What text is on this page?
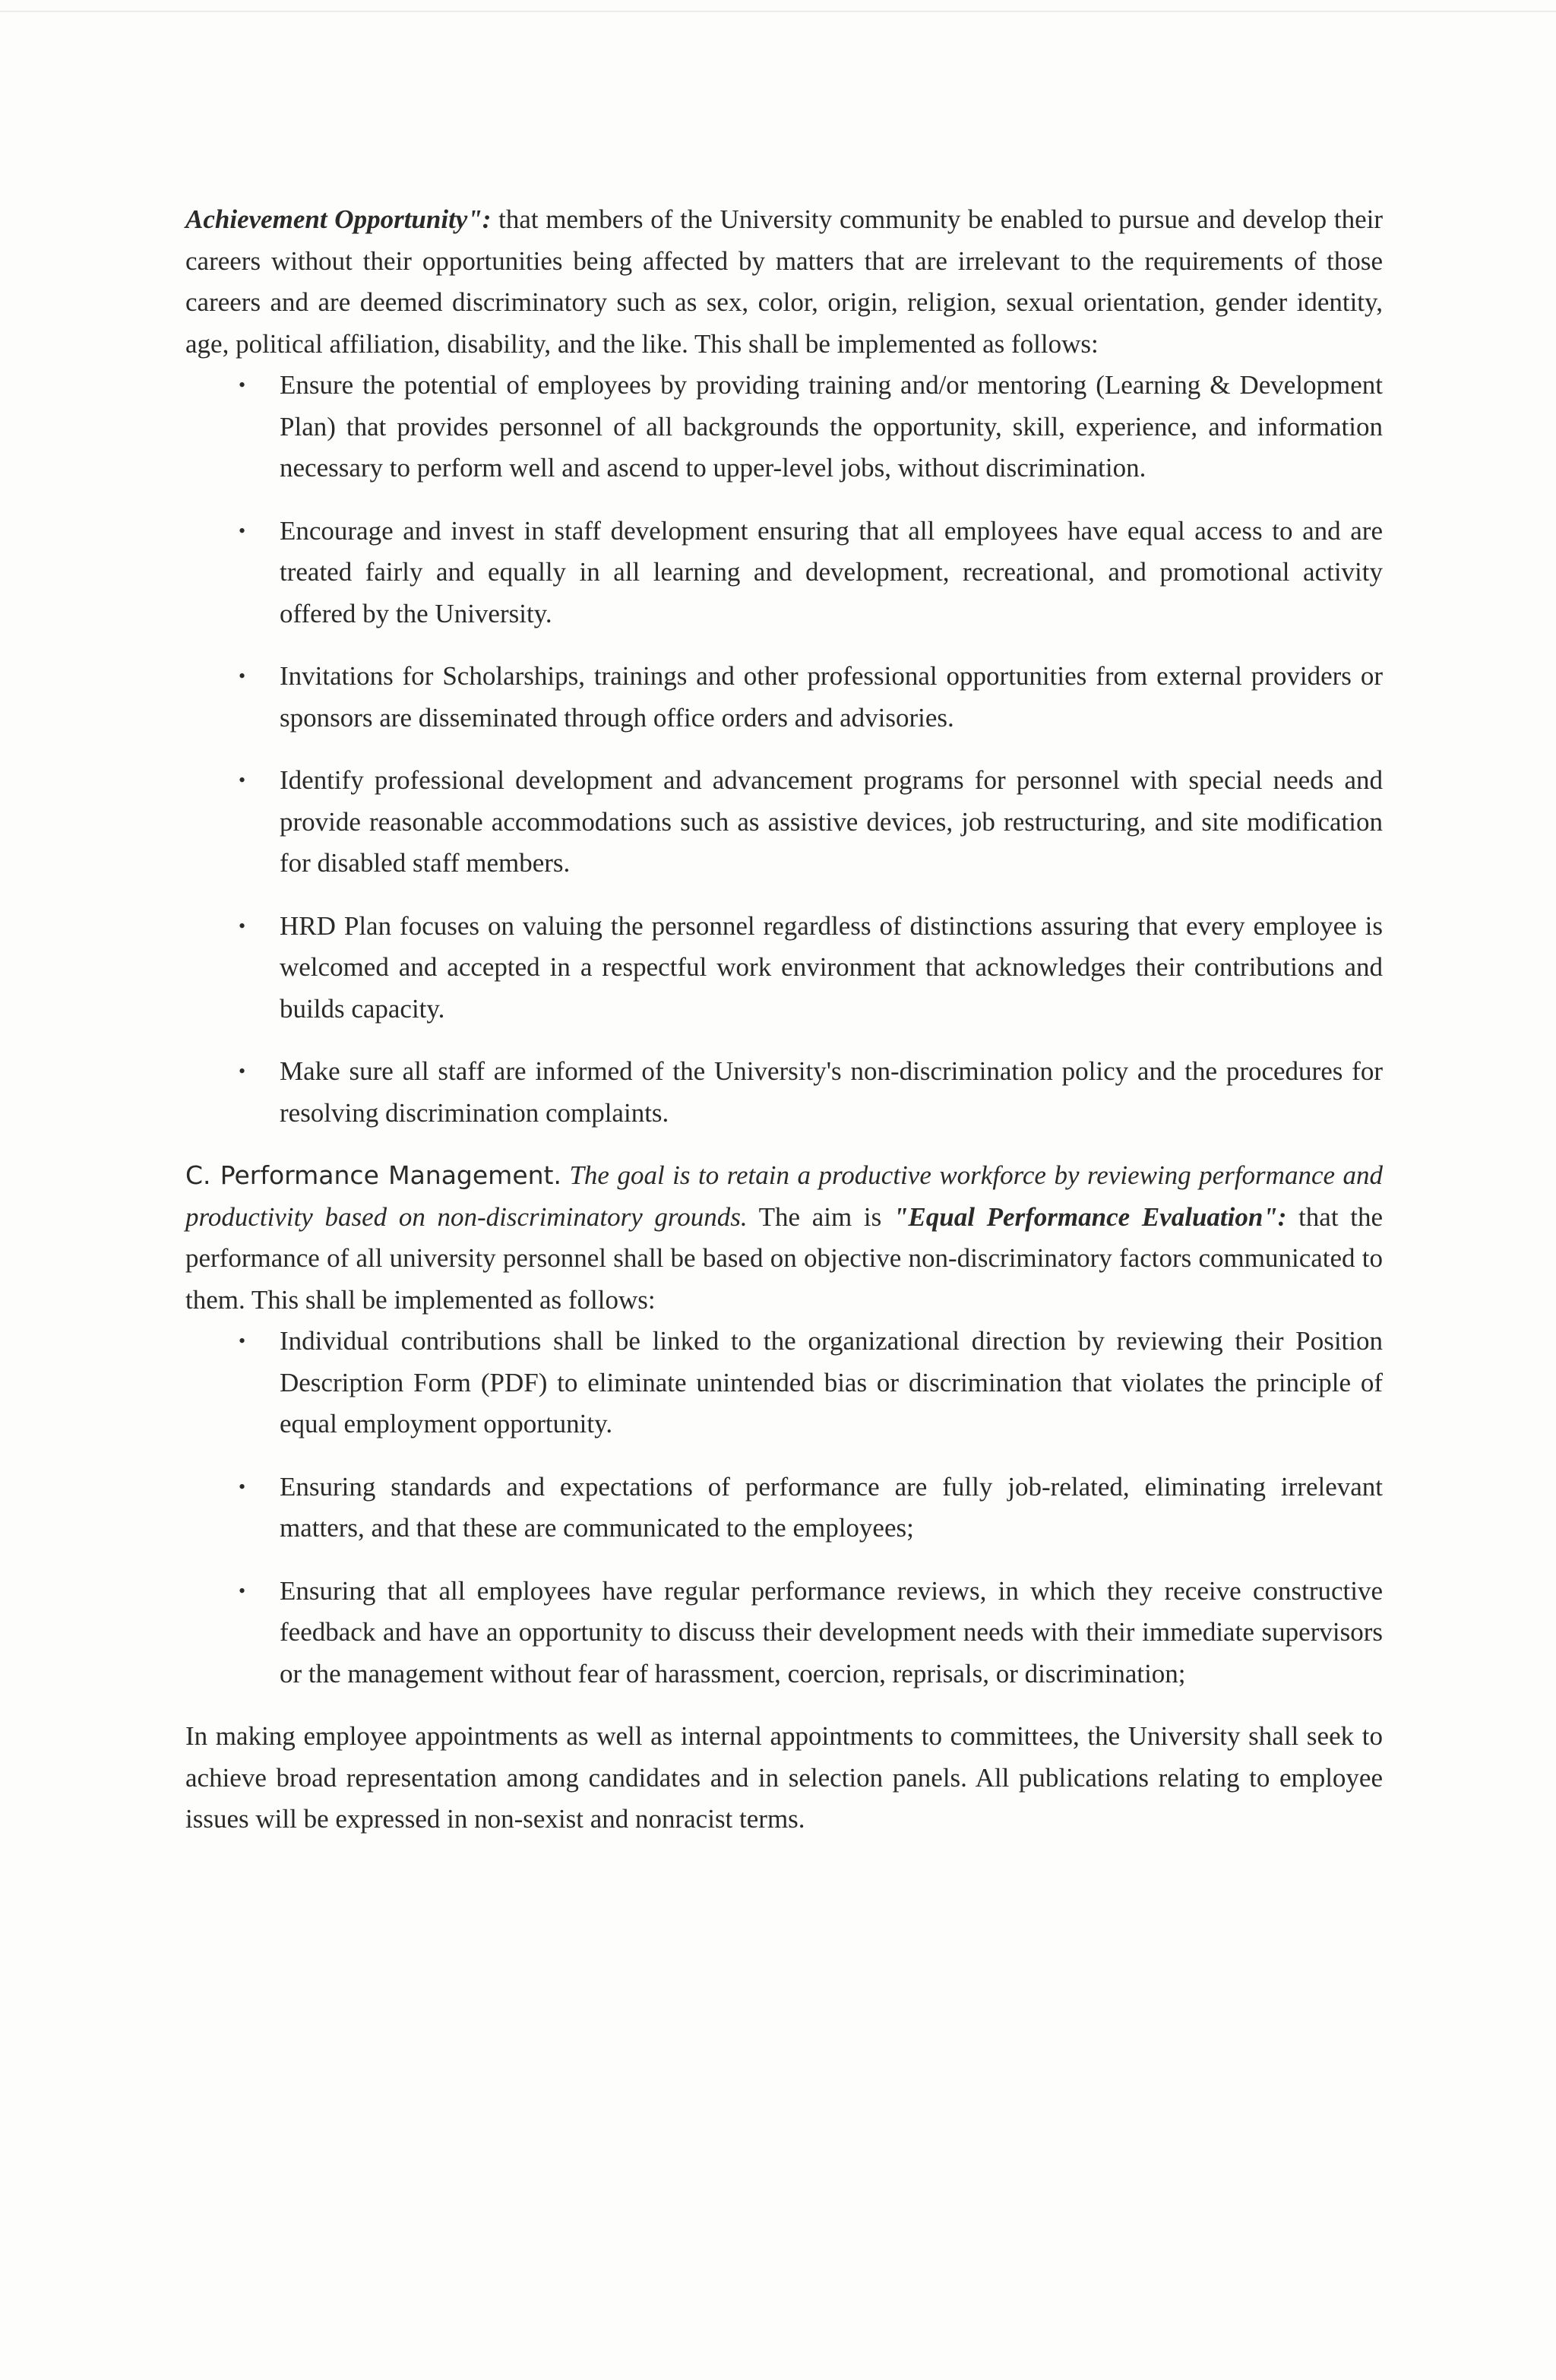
Achievement Opportunity": that members of the University community be enabled to pursue and develop their careers without their opportunities being affected by matters that are irrelevant to the requirements of those careers and are deemed discriminatory such as sex, color, origin, religion, sexual orientation, gender identity, age, political affiliation, disability, and the like. This shall be implemented as follows:

• Ensure the potential of employees by providing training and/or mentoring (Learning & Development Plan) that provides personnel of all backgrounds the opportunity, skill, experience, and information necessary to perform well and ascend to upper-level jobs, without discrimination.
• Encourage and invest in staff development ensuring that all employees have equal access to and are treated fairly and equally in all learning and development, recreational, and promotional activity offered by the University.
• Invitations for Scholarships, trainings and other professional opportunities from external providers or sponsors are disseminated through office orders and advisories.
• Identify professional development and advancement programs for personnel with special needs and provide reasonable accommodations such as assistive devices, job restructuring, and site modification for disabled staff members.
• HRD Plan focuses on valuing the personnel regardless of distinctions assuring that every employee is welcomed and accepted in a respectful work environment that acknowledges their contributions and builds capacity.
• Make sure all staff are informed of the University's non-discrimination policy and the procedures for resolving discrimination complaints.

C. Performance Management. The goal is to retain a productive workforce by reviewing performance and productivity based on non-discriminatory grounds. The aim is "Equal Performance Evaluation": that the performance of all university personnel shall be based on objective non-discriminatory factors communicated to them. This shall be implemented as follows:

• Individual contributions shall be linked to the organizational direction by reviewing their Position Description Form (PDF) to eliminate unintended bias or discrimination that violates the principle of equal employment opportunity.
• Ensuring standards and expectations of performance are fully job-related, eliminating irrelevant matters, and that these are communicated to the employees;
• Ensuring that all employees have regular performance reviews, in which they receive constructive feedback and have an opportunity to discuss their development needs with their immediate supervisors or the management without fear of harassment, coercion, reprisals, or discrimination;

In making employee appointments as well as internal appointments to committees, the University shall seek to achieve broad representation among candidates and in selection panels. All publications relating to employee issues will be expressed in non-sexist and nonracist terms.
